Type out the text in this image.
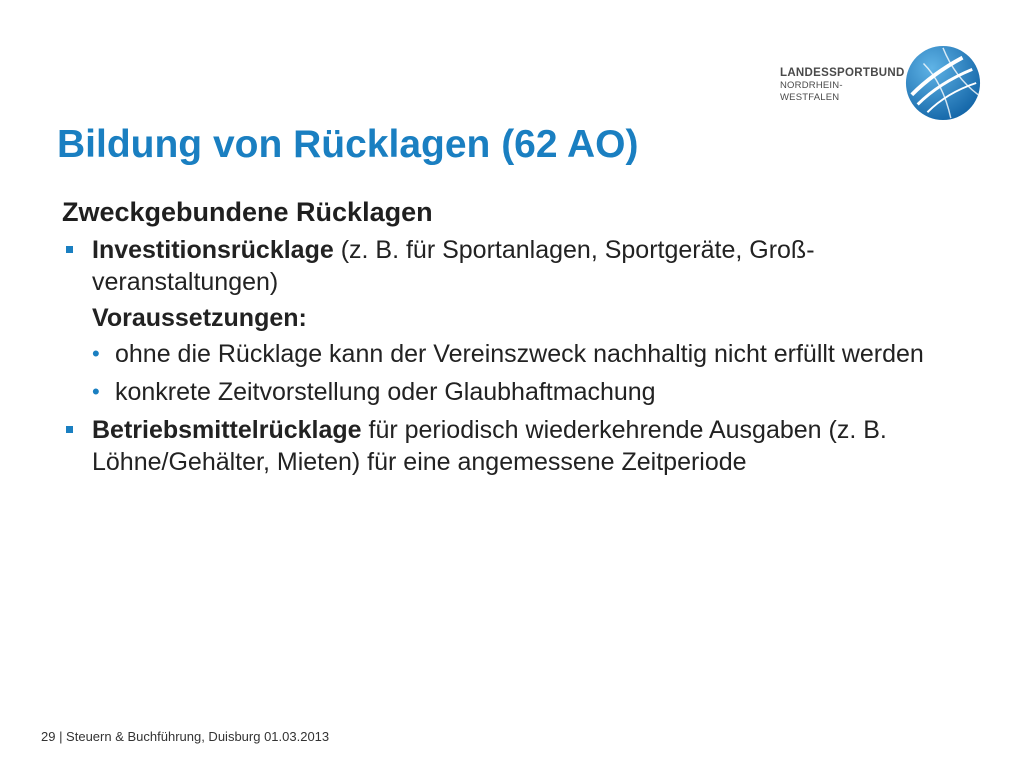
LANDESSPORTBUND
NORDRHEIN-WESTFALEN
Bildung von Rücklagen (62 AO)

Zweckgebundene Rücklagen

Investitionsrücklage (z. B. für Sportanlagen, Sportgeräte, Groß-veranstaltungen)

Voraussetzungen:

• ohne die Rücklage kann der Vereinszweck nachhaltig nicht erfüllt werden

• konkrete Zeitvorstellung oder Glaubhaftmachung

Betriebsmittelrücklage für periodisch wiederkehrende Ausgaben (z. B. Löhne/Gehälter, Mieten) für eine angemessene Zeitperiode

29 | Steuern & Buchführung, Duisburg 01.03.2013
